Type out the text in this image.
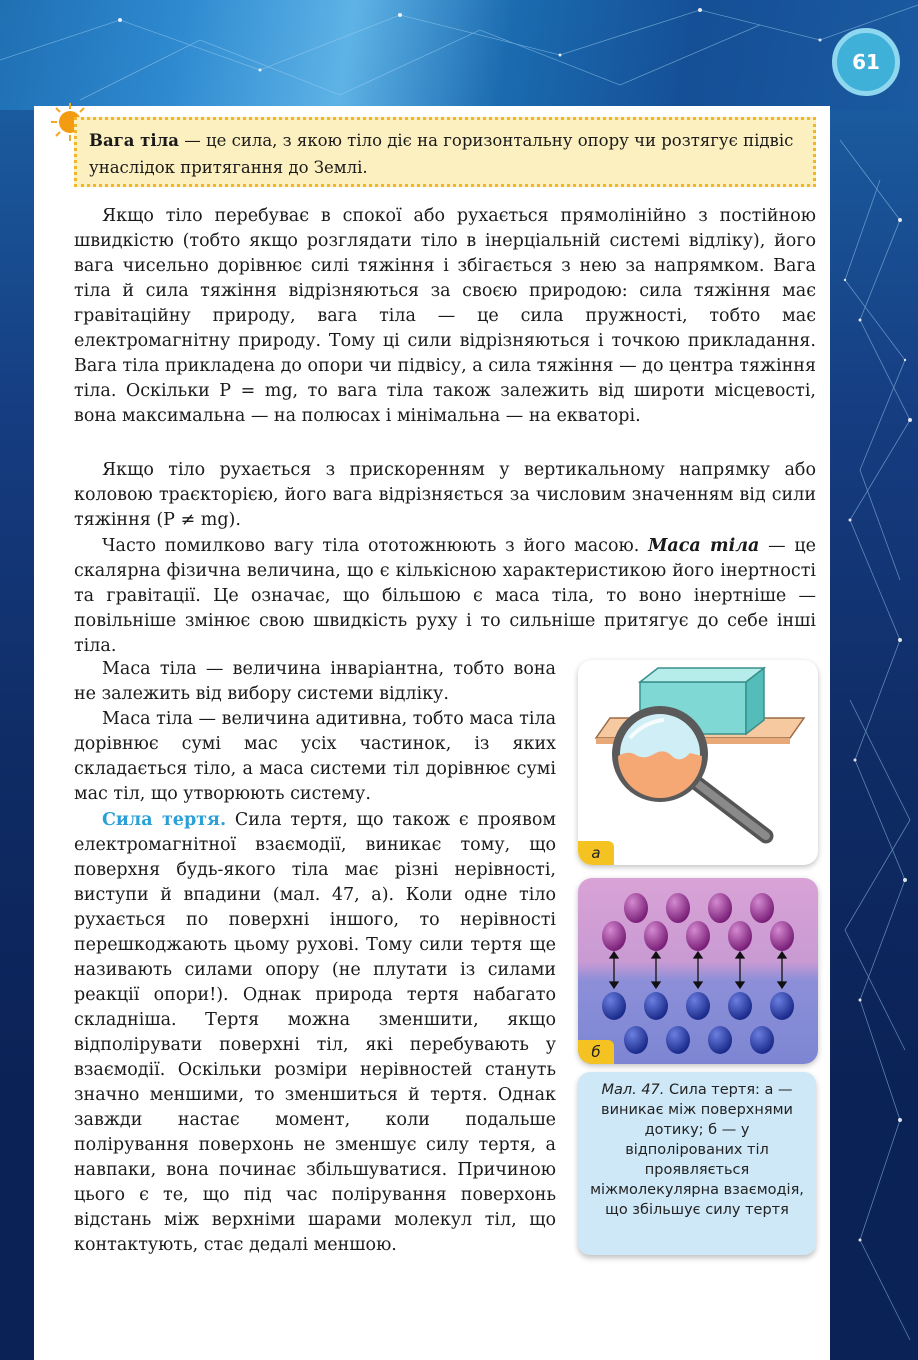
61
Вага тіла — це сила, з якою тіло діє на горизонтальну опору чи розтягує підвіс унаслідок притягання до Землі.

Якщо тіло перебуває в спокої або рухається прямолінійно з постійною швидкістю (тобто якщо розглядати тіло в інерціальній системі відліку), його вага чисельно дорівнює силі тяжіння і збігається з нею за напрямком. Вага тіла й сила тяжіння відрізняються за своєю природою: сила тяжіння має гравітаційну природу, вага тіла — це сила пружності, тобто має електромагнітну природу. Тому ці сили відрізняються і точкою прикладання. Вага тіла прикладена до опори чи підвісу, а сила тяжіння — до центра тяжіння тіла. Оскільки P = mg, то вага тіла також залежить від широти місцевості, вона максимальна — на полюсах і мінімальна — на екваторі.

Якщо тіло рухається з прискоренням у вертикальному напрямку або коловою траєкторією, його вага відрізняється за числовим значенням від сили тяжіння (P ≠ mg).

Часто помилково вагу тіла ототожнюють з його масою. Маса тіла — це скалярна фізична величина, що є кількісною характеристикою його інертності та гравітації. Це означає, що більшою є маса тіла, то воно інертніше — повільніше змінює свою швидкість руху і то сильніше притягує до себе інші тіла.

Маса тіла — величина інваріантна, тобто вона не залежить від вибору системи відліку.

Маса тіла — величина адитивна, тобто маса тіла дорівнює сумі мас усіх частинок, із яких складається тіло, а маса системи тіл дорівнює сумі мас тіл, що утворюють систему.

Сила тертя. Сила тертя, що також є проявом електромагнітної взаємодії, виникає тому, що поверхня будь-якого тіла має різні нерівності, виступи й впадини (мал. 47, а). Коли одне тіло рухається по поверхні іншого, то нерівності перешкоджають цьому рухові. Тому сили тертя ще називають силами опору (не плутати із силами реакції опори!). Однак природа тертя набагато складніша. Тертя можна зменшити, якщо відполірувати поверхні тіл, які перебувають у взаємодії. Оскільки розміри нерівностей стануть значно меншими, то зменшиться й тертя. Однак завжди настає момент, коли подальше полірування поверхонь не зменшує силу тертя, а навпаки, вона починає збільшуватися. Причиною цього є те, що під час полірування поверхонь відстань між верхніми шарами молекул тіл, що контактують, стає дедалі меншою.

а
б
Мал. 47. Сила тертя: а — виникає між поверхнями дотику; б — у відполірованих тіл проявляється міжмолекулярна взаємодія, що збільшує силу тертя
